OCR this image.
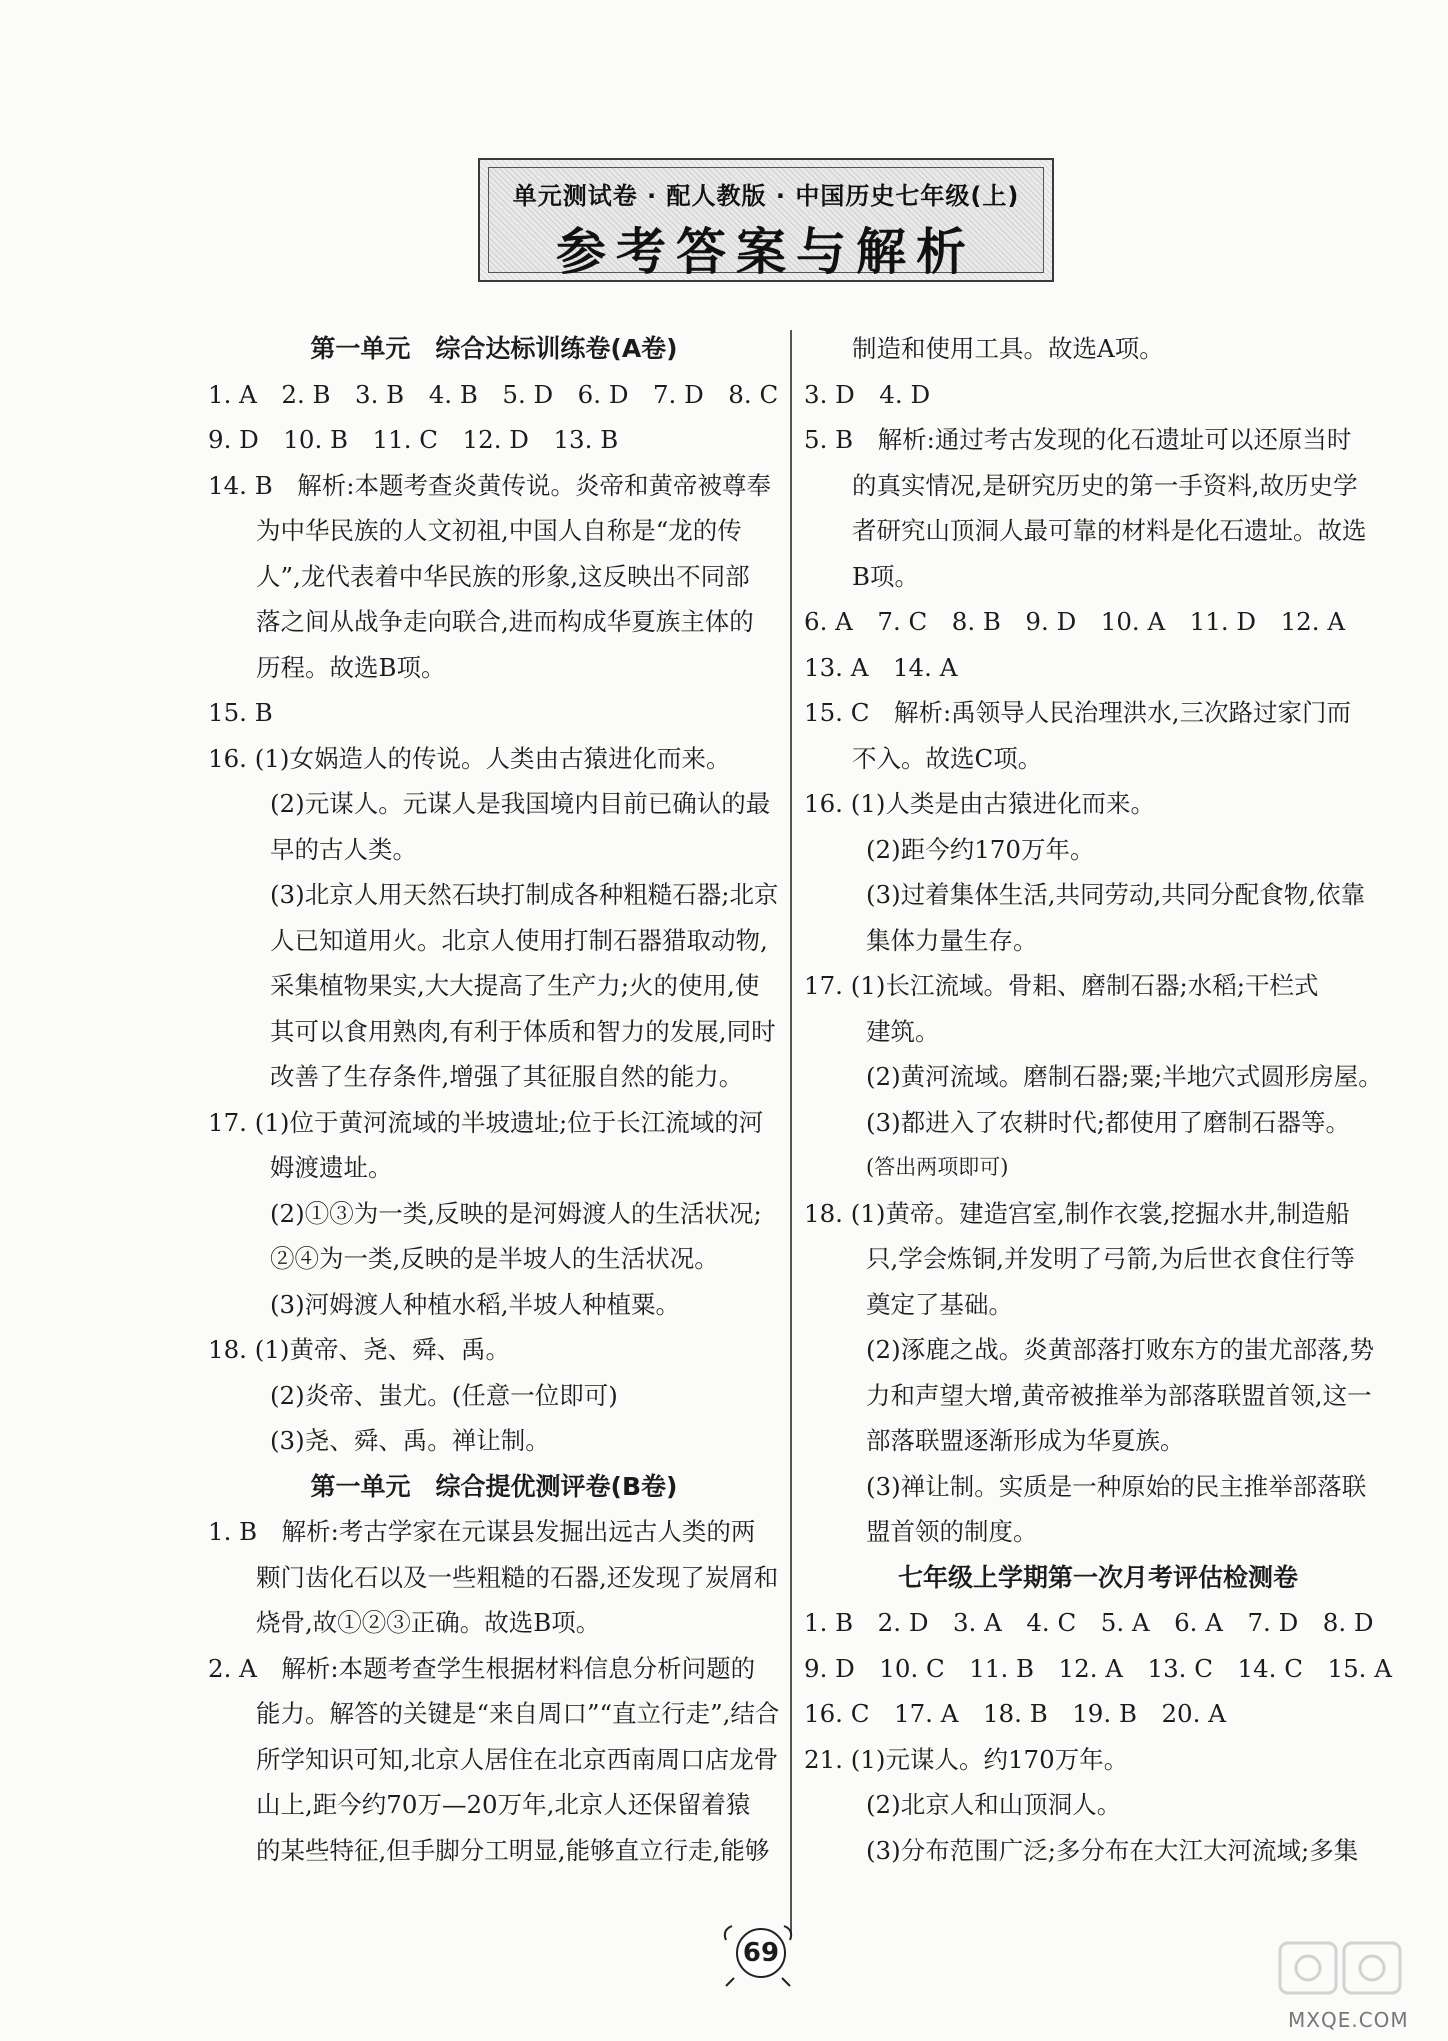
单元测试卷 · 配人教版 · 中国历史七年级(上)
参考答案与解析
第一单元　综合达标训练卷(A卷)
1. A　2. B　3. B　4. B　5. D　6. D　7. D　8. C
9. D　10. B　11. C　12. D　13. B
14. B　解析:本题考查炎黄传说。炎帝和黄帝被尊奉
为中华民族的人文初祖,中国人自称是“龙的传
人”,龙代表着中华民族的形象,这反映出不同部
落之间从战争走向联合,进而构成华夏族主体的
历程。故选B项。
15. B
16. (1)女娲造人的传说。人类由古猿进化而来。
(2)元谋人。元谋人是我国境内目前已确认的最
早的古人类。
(3)北京人用天然石块打制成各种粗糙石器;北京
人已知道用火。北京人使用打制石器猎取动物,
采集植物果实,大大提高了生产力;火的使用,使
其可以食用熟肉,有利于体质和智力的发展,同时
改善了生存条件,增强了其征服自然的能力。
17. (1)位于黄河流域的半坡遗址;位于长江流域的河
姆渡遗址。
(2)①③为一类,反映的是河姆渡人的生活状况;
②④为一类,反映的是半坡人的生活状况。
(3)河姆渡人种植水稻,半坡人种植粟。
18. (1)黄帝、尧、舜、禹。
(2)炎帝、蚩尤。(任意一位即可)
(3)尧、舜、禹。禅让制。
第一单元　综合提优测评卷(B卷)
1. B　解析:考古学家在元谋县发掘出远古人类的两
颗门齿化石以及一些粗糙的石器,还发现了炭屑和
烧骨,故①②③正确。故选B项。
2. A　解析:本题考查学生根据材料信息分析问题的
能力。解答的关键是“来自周口”“直立行走”,结合
所学知识可知,北京人居住在北京西南周口店龙骨
山上,距今约70万—20万年,北京人还保留着猿
的某些特征,但手脚分工明显,能够直立行走,能够
制造和使用工具。故选A项。
3. D　4. D
5. B　解析:通过考古发现的化石遗址可以还原当时
的真实情况,是研究历史的第一手资料,故历史学
者研究山顶洞人最可靠的材料是化石遗址。故选
B项。
6. A　7. C　8. B　9. D　10. A　11. D　12. A
13. A　14. A
15. C　解析:禹领导人民治理洪水,三次路过家门而
不入。故选C项。
16. (1)人类是由古猿进化而来。
(2)距今约170万年。
(3)过着集体生活,共同劳动,共同分配食物,依靠
集体力量生存。
17. (1)长江流域。骨耜、磨制石器;水稻;干栏式
建筑。
(2)黄河流域。磨制石器;粟;半地穴式圆形房屋。
(3)都进入了农耕时代;都使用了磨制石器等。
(答出两项即可)
18. (1)黄帝。建造宫室,制作衣裳,挖掘水井,制造船
只,学会炼铜,并发明了弓箭,为后世衣食住行等
奠定了基础。
(2)涿鹿之战。炎黄部落打败东方的蚩尤部落,势
力和声望大增,黄帝被推举为部落联盟首领,这一
部落联盟逐渐形成为华夏族。
(3)禅让制。实质是一种原始的民主推举部落联
盟首领的制度。
七年级上学期第一次月考评估检测卷
1. B　2. D　3. A　4. C　5. A　6. A　7. D　8. D
9. D　10. C　11. B　12. A　13. C　14. C　15. A
16. C　17. A　18. B　19. B　20. A
21. (1)元谋人。约170万年。
(2)北京人和山顶洞人。
(3)分布范围广泛;多分布在大江大河流域;多集
69
MXQE.COM
